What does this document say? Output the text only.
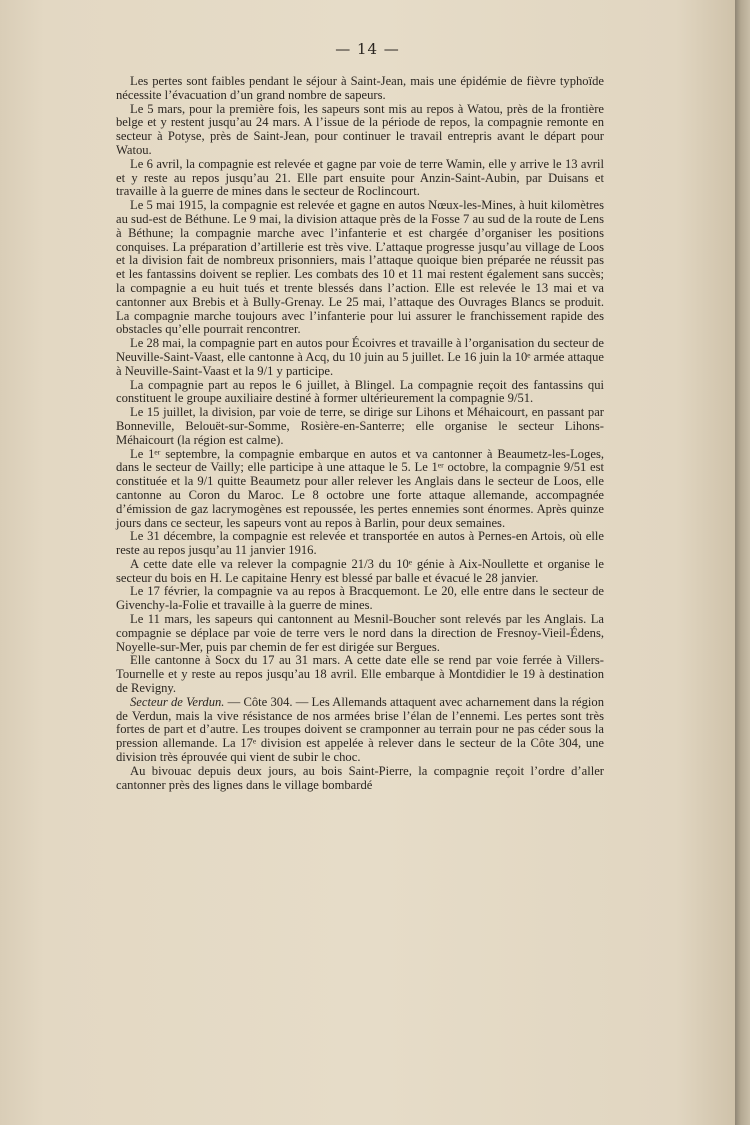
— 14 —

Les pertes sont faibles pendant le séjour à Saint-Jean, mais une épidémie de fièvre typhoïde nécessite l’évacuation d’un grand nombre de sapeurs.

Le 5 mars, pour la première fois, les sapeurs sont mis au repos à Watou, près de la frontière belge et y restent jusqu’au 24 mars. A l’issue de la période de repos, la compagnie remonte en secteur à Potyse, près de Saint-Jean, pour continuer le travail entrepris avant le départ pour Watou.

Le 6 avril, la compagnie est relevée et gagne par voie de terre Wamin, elle y arrive le 13 avril et y reste au repos jusqu’au 21. Elle part ensuite pour Anzin-Saint-Aubin, par Duisans et travaille à la guerre de mines dans le secteur de Roclincourt.

Le 5 mai 1915, la compagnie est relevée et gagne en autos Nœux-les-Mines, à huit kilomètres au sud-est de Béthune. Le 9 mai, la division attaque près de la Fosse 7 au sud de la route de Lens à Béthune; la compagnie marche avec l’infanterie et est chargée d’organiser les positions conquises. La préparation d’artillerie est très vive. L’attaque progresse jusqu’au village de Loos et la division fait de nombreux prisonniers, mais l’attaque quoique bien préparée ne réussit pas et les fantassins doivent se replier. Les combats des 10 et 11 mai restent également sans succès; la compagnie a eu huit tués et trente blessés dans l’action. Elle est relevée le 13 mai et va cantonner aux Brebis et à Bully-Grenay. Le 25 mai, l’attaque des Ouvrages Blancs se produit. La compagnie marche toujours avec l’infanterie pour lui assurer le franchissement rapide des obstacles qu’elle pourrait rencontrer.

Le 28 mai, la compagnie part en autos pour Écoivres et travaille à l’organisation du secteur de Neuville-Saint-Vaast, elle cantonne à Acq, du 10 juin au 5 juillet. Le 16 juin la 10ᵉ armée attaque à Neuville-Saint-Vaast et la 9/1 y participe.

La compagnie part au repos le 6 juillet, à Blingel. La compagnie reçoit des fantassins qui constituent le groupe auxiliaire destiné à former ultérieurement la compagnie 9/51.

Le 15 juillet, la division, par voie de terre, se dirige sur Lihons et Méhaicourt, en passant par Bonneville, Belouët-sur-Somme, Rosière-en-Santerre; elle organise le secteur Lihons-Méhaicourt (la région est calme).

Le 1ᵉʳ septembre, la compagnie embarque en autos et va cantonner à Beaumetz-les-Loges, dans le secteur de Vailly; elle participe à une attaque le 5. Le 1ᵉʳ octobre, la compagnie 9/51 est constituée et la 9/1 quitte Beaumetz pour aller relever les Anglais dans le secteur de Loos, elle cantonne au Coron du Maroc. Le 8 octobre une forte attaque allemande, accompagnée d’émission de gaz lacrymogènes est repoussée, les pertes ennemies sont énormes. Après quinze jours dans ce secteur, les sapeurs vont au repos à Barlin, pour deux semaines.

Le 31 décembre, la compagnie est relevée et transportée en autos à Pernes-en Artois, où elle reste au repos jusqu’au 11 janvier 1916.

A cette date elle va relever la compagnie 21/3 du 10ᵉ génie à Aix-Noullette et organise le secteur du bois en H. Le capitaine Henry est blessé par balle et évacué le 28 janvier.

Le 17 février, la compagnie va au repos à Bracquemont. Le 20, elle entre dans le secteur de Givenchy-la-Folie et travaille à la guerre de mines.

Le 11 mars, les sapeurs qui cantonnent au Mesnil-Boucher sont relevés par les Anglais. La compagnie se déplace par voie de terre vers le nord dans la direction de Fresnoy-Vieil-Édens, Noyelle-sur-Mer, puis par chemin de fer est dirigée sur Bergues.

Elle cantonne à Socx du 17 au 31 mars. A cette date elle se rend par voie ferrée à Villers-Tournelle et y reste au repos jusqu’au 18 avril. Elle embarque à Montdidier le 19 à destination de Revigny.

Secteur de Verdun. — Côte 304. — Les Allemands attaquent avec acharnement dans la région de Verdun, mais la vive résistance de nos armées brise l’élan de l’ennemi. Les pertes sont très fortes de part et d’autre. Les troupes doivent se cramponner au terrain pour ne pas céder sous la pression allemande. La 17ᵉ division est appelée à relever dans le secteur de la Côte 304, une division très éprouvée qui vient de subir le choc.

Au bivouac depuis deux jours, au bois Saint-Pierre, la compagnie reçoit l’ordre d’aller cantonner près des lignes dans le village bombardé
